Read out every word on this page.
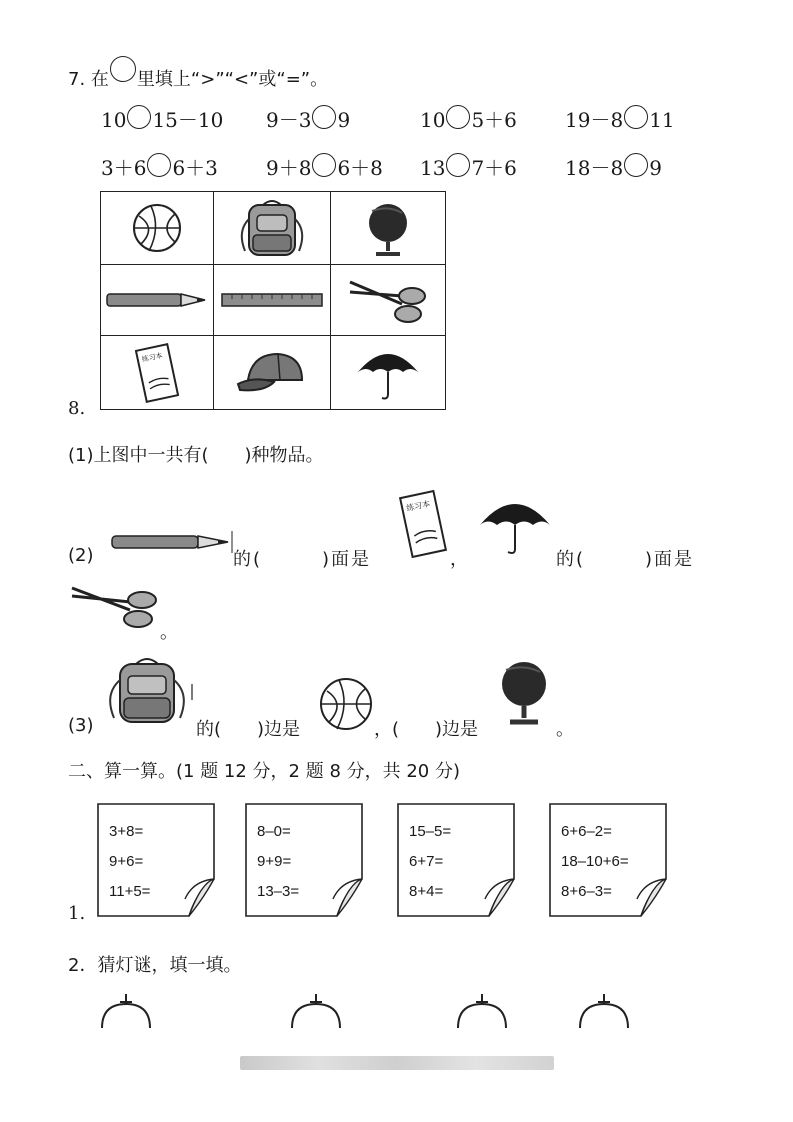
7. 在 里填上“>”“<”或“=”。
10 15－10 9－3 9	10 5＋6 19－8 11
3＋6 6＋3 9＋8 6＋8 13 7＋6 18－8 9
练习本
8.
(1)上图中一共有(　　)种物品。
(2)	的(　　　)面是
练习本
，	的(　　　)面是
。
(3)	的(　　)边是	，(　　)边是	。
二、算一算。(1 题 12 分，2 题 8 分，共 20 分)
1.
3+8=
9+6=
11+5=
8–0=
9+9=
13–3=
15–5=
6+7=
8+4=
6+6–2=
18–10+6=
8+6–3=
2．猜灯谜，填一填。
